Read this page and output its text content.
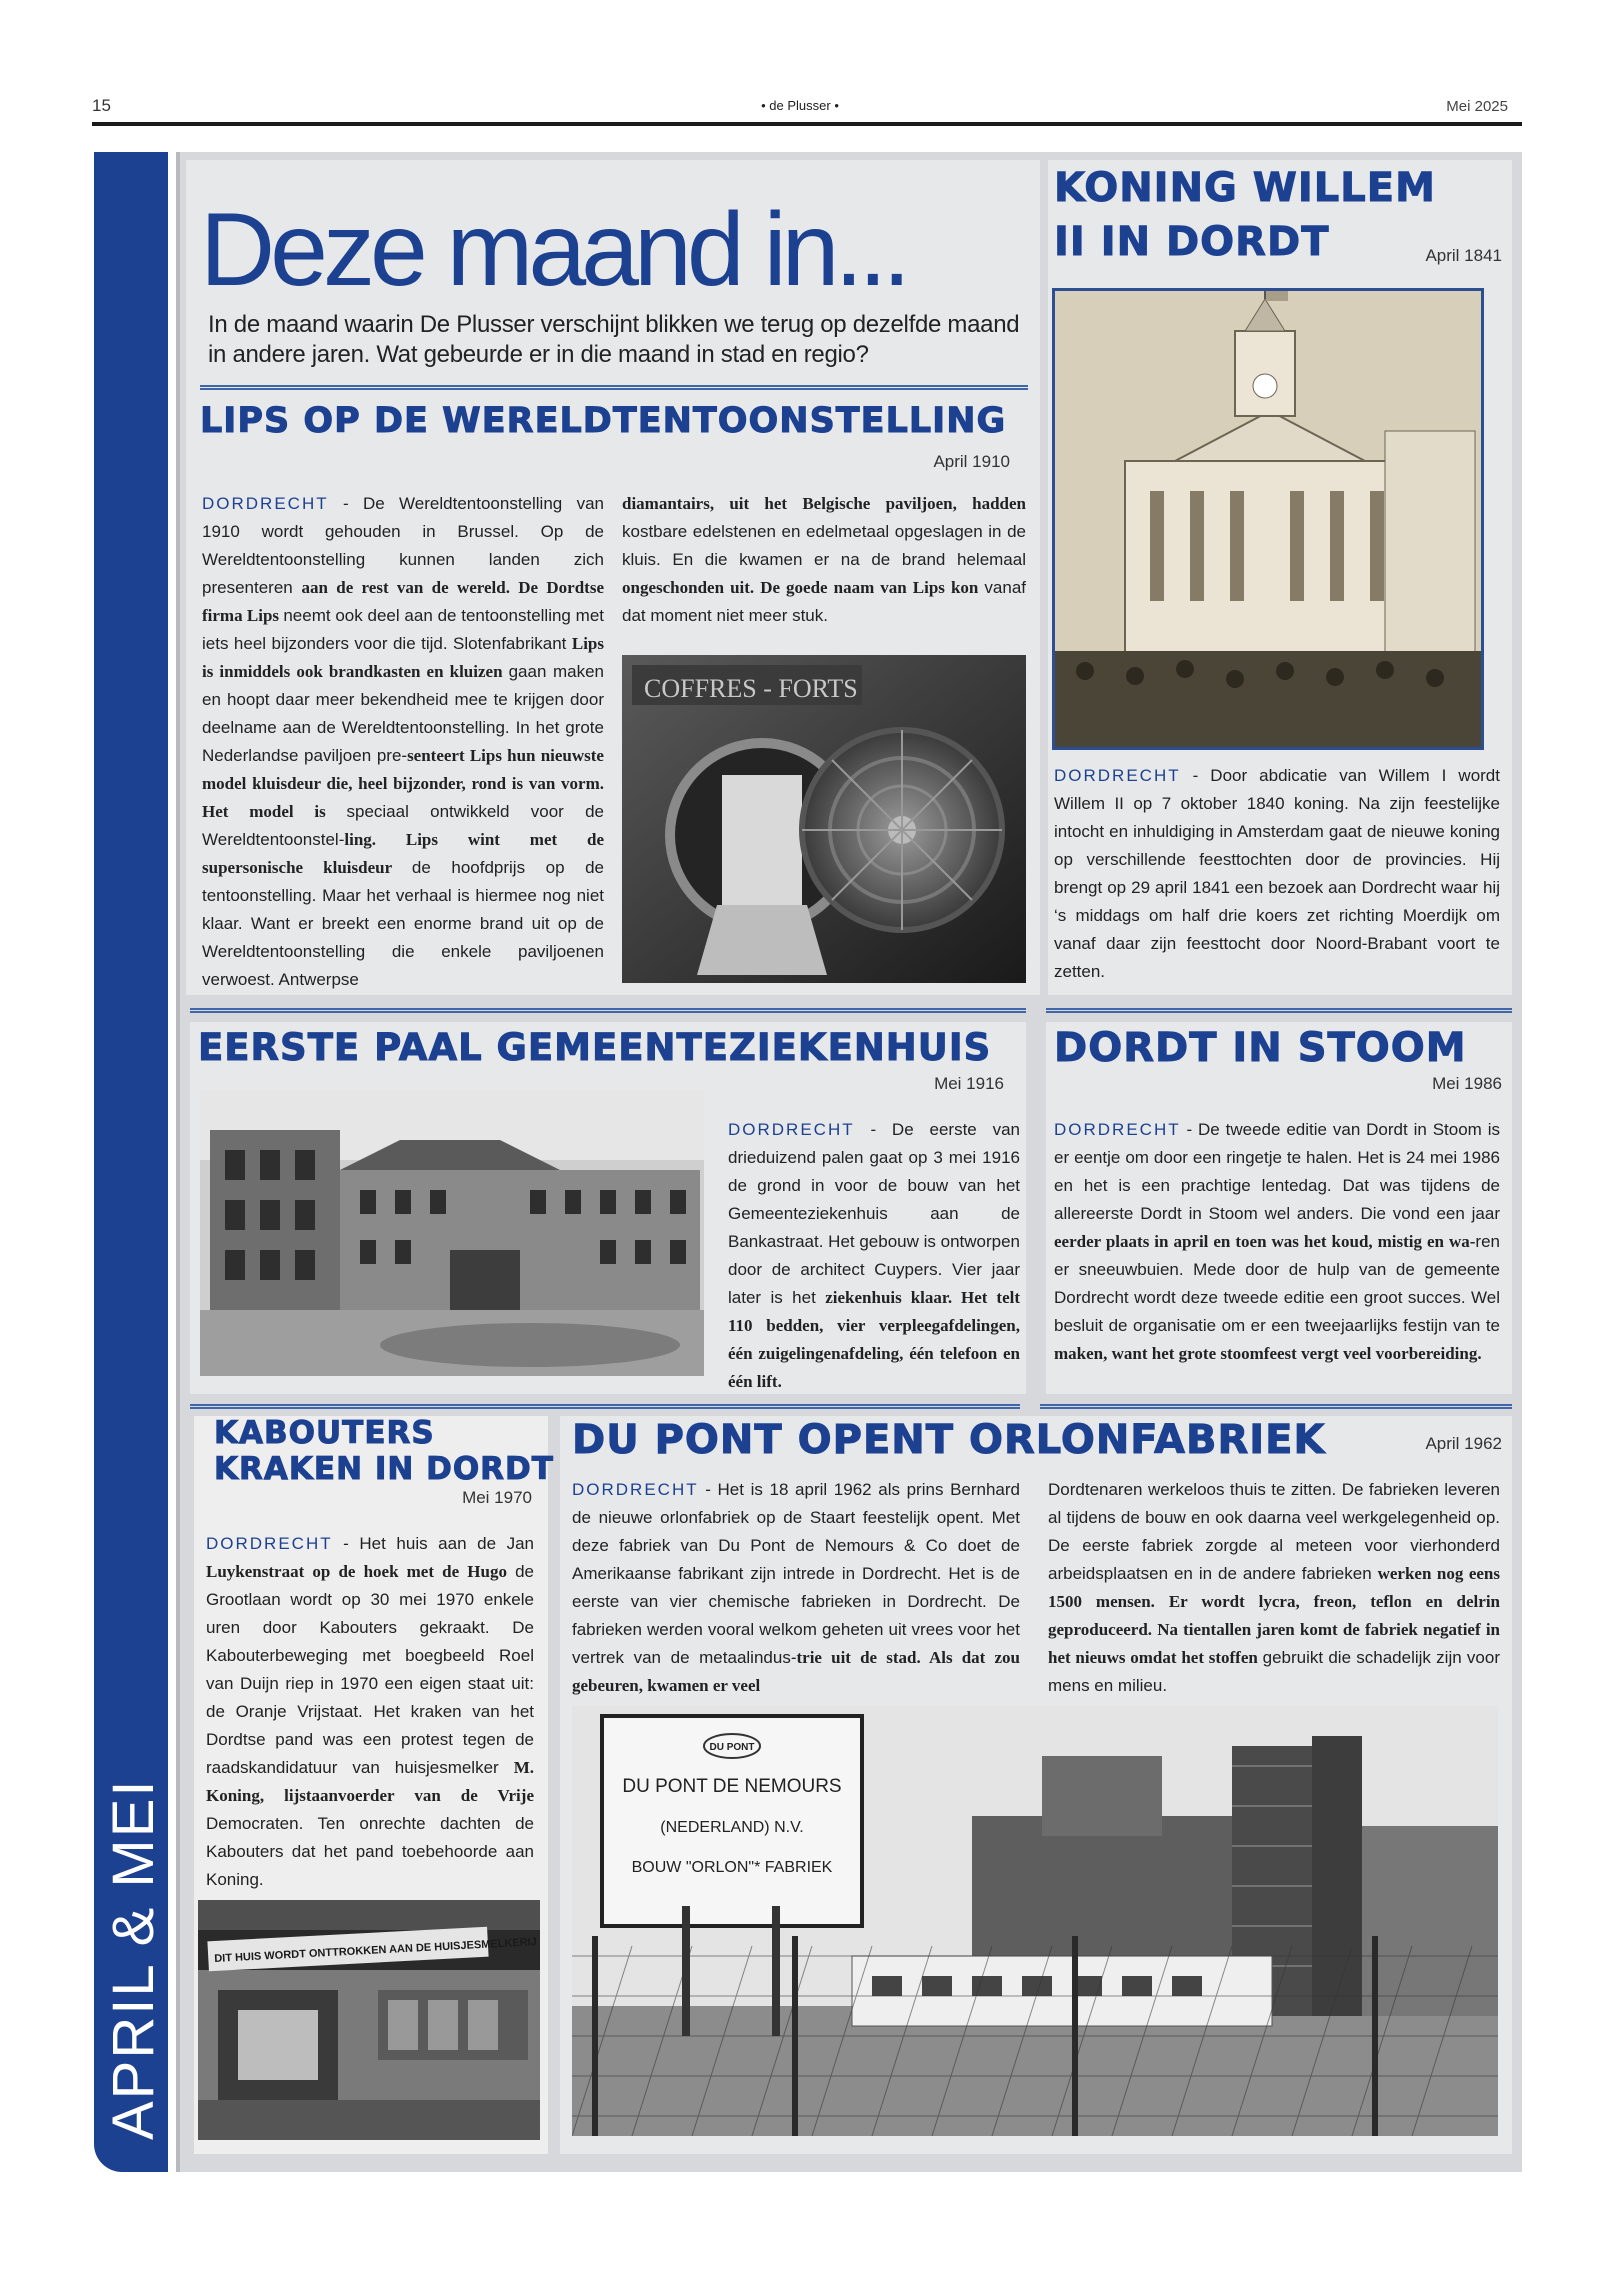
15	• de Plusser •	Mei 2025
APRIL & MEI
Deze maand in...
In de maand waarin De Plusser verschijnt blikken we terug op dezelfde maand in andere jaren. Wat gebeurde er in die maand in stad en regio?
LIPS OP DE WERELDTENTOONSTELLING
April 1910
DORDRECHT - De Wereldtentoonstelling van 1910 wordt gehouden in Brussel. Op de Wereldtentoonstelling kunnen landen zich presenteren aan de rest van de wereld. De Dordtse firma Lips neemt ook deel aan de tentoonstelling met iets heel bijzonders voor die tijd. Slotenfabrikant Lips is inmiddels ook brandkasten en kluizen gaan maken en hoopt daar meer bekendheid mee te krijgen door deelname aan de Wereldtentoonstelling. In het grote Nederlandse paviljoen pre-senteert Lips hun nieuwste model kluisdeur die, heel bijzonder, rond is van vorm. Het model is speciaal ontwikkeld voor de Wereldtentoonstel-ling. Lips wint met de supersonische kluisdeur de hoofdprijs op de tentoonstelling. Maar het verhaal is hiermee nog niet klaar. Want er breekt een enorme brand uit op de Wereldtentoonstelling die enkele paviljoenen verwoest. Antwerpse
diamantairs, uit het Belgische paviljoen, hadden kostbare edelstenen en edelmetaal opgeslagen in de kluis. En die kwamen er na de brand helemaal ongeschonden uit. De goede naam van Lips kon vanaf dat moment niet meer stuk.
COFFRES - FORTS
KONING WILLEM
II IN DORDT	April 1841
DORDRECHT - Door abdicatie van Willem I wordt Willem II op 7 oktober 1840 koning. Na zijn feestelijke intocht en inhuldiging in Amsterdam gaat de nieuwe koning op verschillende feesttochten door de provincies. Hij brengt op 29 april 1841 een bezoek aan Dordrecht waar hij ‘s middags om half drie koers zet richting Moerdijk om vanaf daar zijn feesttocht door Noord-Brabant voort te zetten.
EERSTE PAAL GEMEENTEZIEKENHUIS
Mei 1916
DORDRECHT - De eerste van drieduizend palen gaat op 3 mei 1916 de grond in voor de bouw van het Gemeenteziekenhuis aan de Bankastraat. Het gebouw is ontworpen door de architect Cuypers. Vier jaar later is het ziekenhuis klaar. Het telt 110 bedden, vier verpleegafdelingen, één zuigelingenafdeling, één telefoon en één lift.
DORDT IN STOOM
Mei 1986
DORDRECHT - De tweede editie van Dordt in Stoom is er eentje om door een ringetje te halen. Het is 24 mei 1986 en het is een prachtige lentedag. Dat was tijdens de allereerste Dordt in Stoom wel anders. Die vond een jaar eerder plaats in april en toen was het koud, mistig en wa-ren er sneeuwbuien. Mede door de hulp van de gemeente Dordrecht wordt deze tweede editie een groot succes. Wel besluit de organisatie om er een tweejaarlijks festijn van te maken, want het grote stoomfeest vergt veel voorbereiding.
KABOUTERS
KRAKEN IN DORDT
Mei 1970
DORDRECHT - Het huis aan de Jan Luykenstraat op de hoek met de Hugo de Grootlaan wordt op 30 mei 1970 enkele uren door Kabouters gekraakt. De Kabouterbeweging met boegbeeld Roel van Duijn riep in 1970 een eigen staat uit: de Oranje Vrijstaat. Het kraken van het Dordtse pand was een protest tegen de raadskandidatuur van huisjesmelker M. Koning, lijstaanvoerder van de Vrije Democraten. Ten onrechte dachten de Kabouters dat het pand toebehoorde aan Koning.
DIT HUIS WORDT ONTTROKKEN AAN DE HUISJESMELKERIJ
DU PONT OPENT ORLONFABRIEK	April 1962
DORDRECHT - Het is 18 april 1962 als prins Bernhard de nieuwe orlonfabriek op de Staart feestelijk opent. Met deze fabriek van Du Pont de Nemours & Co doet de Amerikaanse fabrikant zijn intrede in Dordrecht. Het is de eerste van vier chemische fabrieken in Dordrecht. De fabrieken werden vooral welkom geheten uit vrees voor het vertrek van de metaalindus-trie uit de stad. Als dat zou gebeuren, kwamen er veel
Dordtenaren werkeloos thuis te zitten. De fabrieken leveren al tijdens de bouw en ook daarna veel werkgelegenheid op. De eerste fabriek zorgde al meteen voor vierhonderd arbeidsplaatsen en in de andere fabrieken werken nog eens 1500 mensen. Er wordt lycra, freon, teflon en delrin geproduceerd. Na tientallen jaren komt de fabriek negatief in het nieuws omdat het stoffen gebruikt die schadelijk zijn voor mens en milieu.
DU PONT
DU PONT DE NEMOURS
(NEDERLAND) N.V.
BOUW "ORLON"* FABRIEK
